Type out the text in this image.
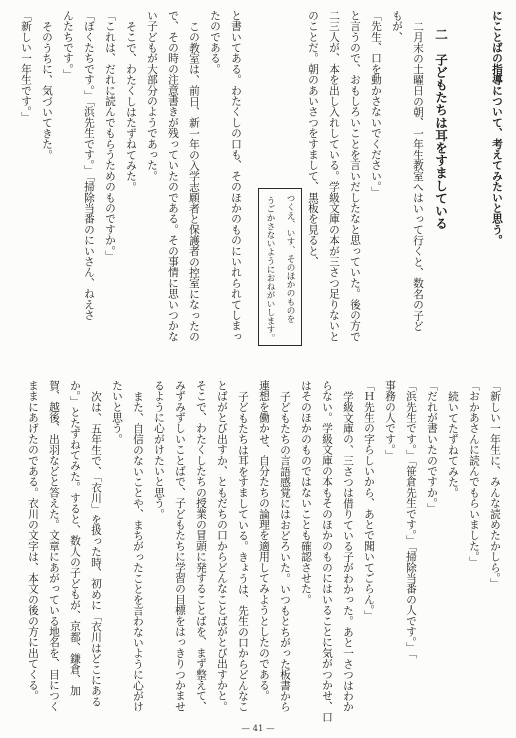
にことばの指導について、考えてみたいと思う。
二　子どもたちは耳をすましている
二月末の土曜日の朝、一年生教室へはいって行くと、数名の子ど
もが、
「先生、口を動かさないでください。」
と言うので、おもしろいことを言いだしたなと思っていた。後の方で
二三人が、本を出し入れしている。学級文庫の本が三さつ足りないと
のことだ。朝のあいさつをすまして、黒板を見ると、
つくえ、いす、そのほかのものを
うごかさないようにおねがいします。
と書いてある。わたくしの口も、そのほかのものにいれられてしまっ
たのである。
この教室は、前日、新一年の入学志願者と保護者の控室になったの
で、その時の注意書きが残っていたのである。その事情に思いつかな
い子どもが大部分のようであった。
そこで、わたくしはたずねてみた。
「これは、だれに読んでもらうためのものですか。」
「ぼくたちです。」「浜先生です。」「掃除当番のにいさん、ねえさ
んたちです。」
そのうちに、気づいてきた。
「新しい一年生です。」
「新しい一年生に、みんな読めたかしら。」
「おかあさんに読んでもらいました。」
続いてたずねてみた。
「だれが書いたのですか。」
「浜先生です。」「笹倉先生です。」「掃除当番の人です。」「
事務の人です。」
「Ｈ先生の字らしいから、あとで聞いてごらん。」
学級文庫の、三さつは借りている子がわかった。あと一さつはわか
らない。学級文庫の本もそのほかのものにはいることに気がつかせ、口
はそのほかのものではないことも確認させた。
子どもたちの言語感覚にはおどろいた。いつもとちがった板書から
連想を働かせ、自分たちの論理を適用してみようとしたのである。
子どもたちは耳をすましている。きょうは、先生の口からどんなこ
とばがとび出すか、ともだちの口からどんなことばがとび出すかと。
そこで、わたくしたちの授業の冒頭に発することばを、まず整えて、
みずみずしいことばで、子どもたちに学習の目標をはっきりつかませ
るように心がけたいと思う。
また、自信のないことや、まちがったことを言わないように心がけ
たいと思う。
次は、五年生で、「衣川」を扱った時、初めに「衣川はどこにある
か。」とたずねてみた。すると、数人の子どもが、京都、鎌倉、加
賀、越後、出羽などと答えた。文章にあがっている地名を、目につく
ままにあげたのである。衣川の文字は、本文の後の方に出てくる。
— 41 —
